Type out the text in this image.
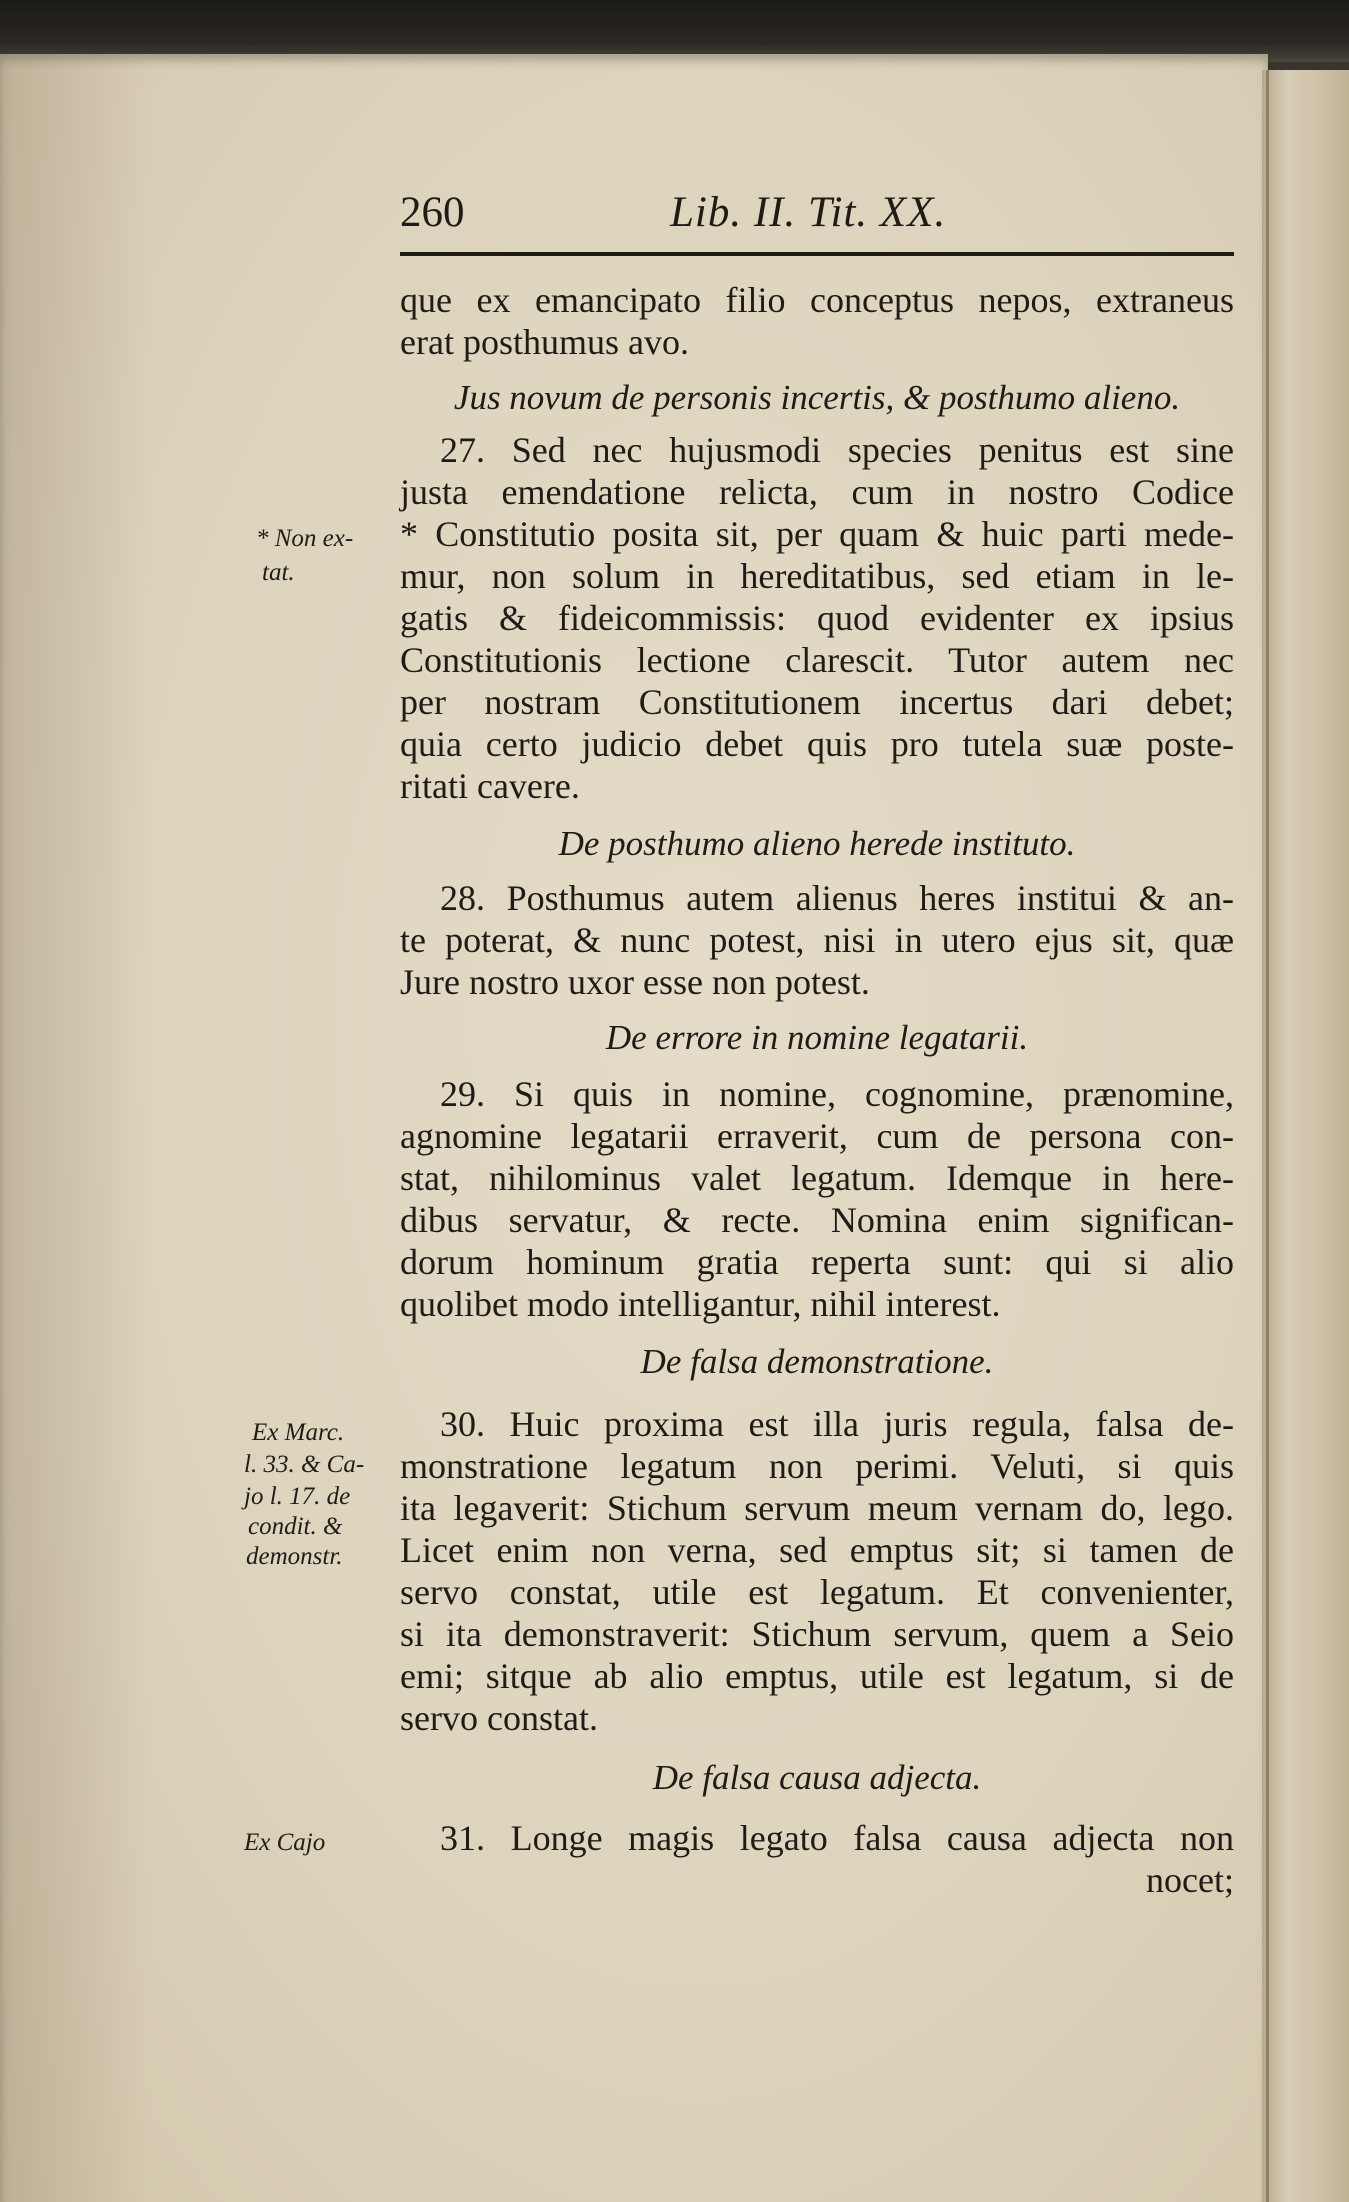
260	Lib. II. Tit. XX.
que ex emancipato filio conceptus nepos, extraneus
erat posthumus avo.
Jus novum de personis incertis, & posthumo alieno.
27. Sed nec hujusmodi species penitus est sine
justa emendatione relicta, cum in nostro Codice
* Constitutio posita sit, per quam & huic parti mede-
mur, non solum in hereditatibus, sed etiam in le-
gatis & fideicommissis: quod evidenter ex ipsius
Constitutionis lectione clarescit. Tutor autem nec
per nostram Constitutionem incertus dari debet;
quia certo judicio debet quis pro tutela suæ poste-
ritati cavere.
De posthumo alieno herede instituto.
28. Posthumus autem alienus heres institui & an-
te poterat, & nunc potest, nisi in utero ejus sit, quæ
Jure nostro uxor esse non potest.
De errore in nomine legatarii.
29. Si quis in nomine, cognomine, prænomine,
agnomine legatarii erraverit, cum de persona con-
stat, nihilominus valet legatum. Idemque in here-
dibus servatur, & recte. Nomina enim significan-
dorum hominum gratia reperta sunt: qui si alio
quolibet modo intelligantur, nihil interest.
De falsa demonstratione.
30. Huic proxima est illa juris regula, falsa de-
monstratione legatum non perimi. Veluti, si quis
ita legaverit: Stichum servum meum vernam do, lego.
Licet enim non verna, sed emptus sit; si tamen de
servo constat, utile est legatum. Et convenienter,
si ita demonstraverit: Stichum servum, quem a Seio
emi; sitque ab alio emptus, utile est legatum, si de
servo constat.
De falsa causa adjecta.
31. Longe magis legato falsa causa adjecta non
nocet;
* Non ex-
tat.
Ex Marc.
l. 33. & Ca-
jo l. 17. de
condit. &
demonstr.
Ex Cajo
